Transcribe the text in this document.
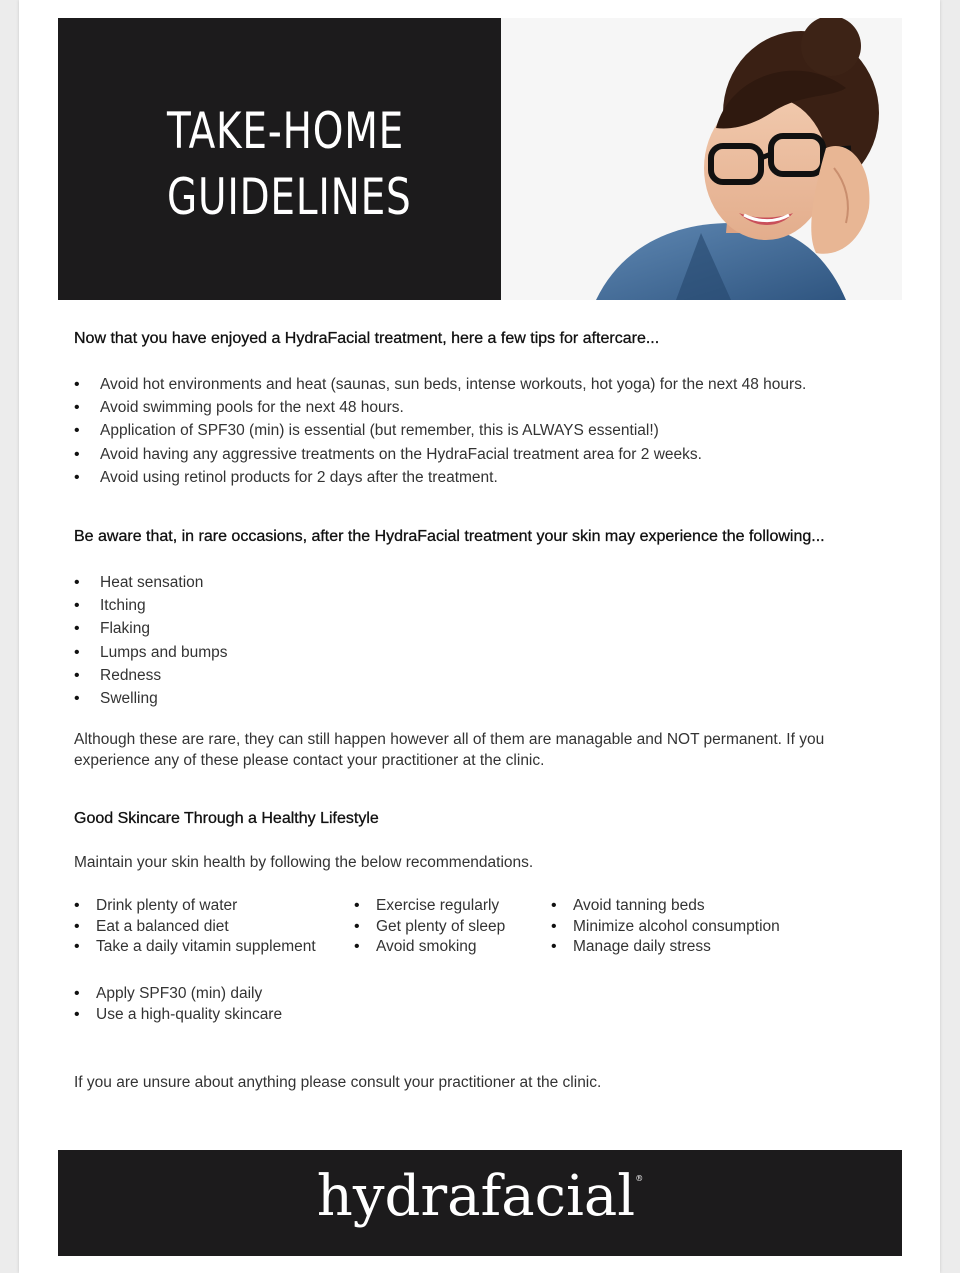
TAKE-HOME
GUIDELINES
Now that you have enjoyed a HydraFacial treatment, here a few tips for aftercare...
• Avoid hot environments and heat (saunas, sun beds, intense workouts, hot yoga) for the next 48 hours.
• Avoid swimming pools for the next 48 hours.
• Application of SPF30 (min) is essential (but remember, this is ALWAYS essential!)
• Avoid having any aggressive treatments on the HydraFacial treatment area for 2 weeks.
• Avoid using retinol products for 2 days after the treatment.
Be aware that, in rare occasions, after the HydraFacial treatment your skin may experience the following...
• Heat sensation
• Itching
• Flaking
• Lumps and bumps
• Redness
• Swelling

Although these are rare, they can still happen however all of them are managable and NOT permanent. If you experience any of these please contact your practitioner at the clinic.

Good Skincare Through a Healthy Lifestyle

Maintain your skin health by following the below recommendations.

• Drink plenty of water
• Eat a balanced diet
• Take a daily vitamin supplement
• Exercise regularly
• Get plenty of sleep
• Avoid smoking
• Avoid tanning beds
• Minimize alcohol consumption
• Manage daily stress
• Apply SPF30 (min) daily
• Use a high-quality skincare

If you are unsure about anything please consult your practitioner at the clinic.

hydrafacial®
